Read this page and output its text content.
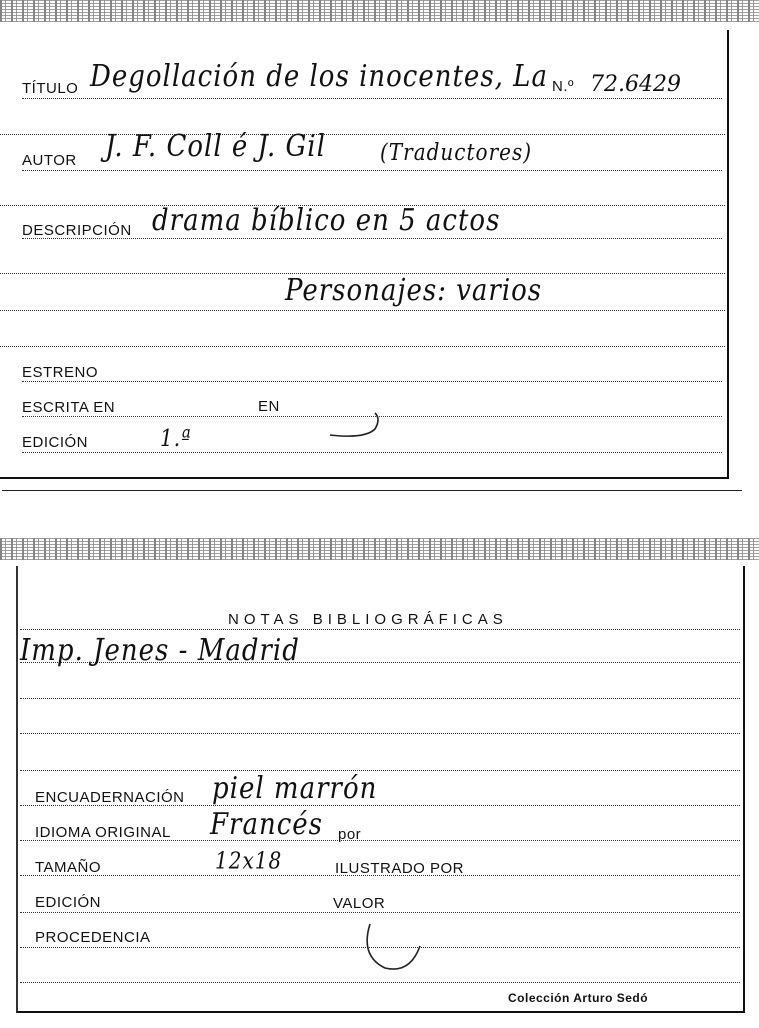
TÍTULO Degollación de los inocentes, La N.º 72.6429
AUTOR J. F. Coll é J. Gil	(Traductores)
DESCRIPCIÓN drama bíblico en 5 actos
Personajes: varios
ESTRENO
ESCRITA EN	EN
EDICIÓN	1.ª
NOTAS BIBLIOGRÁFICAS
Imp. Jenes - Madrid
ENCUADERNACIÓN piel marrón
IDIOMA ORIGINAL Francés por
TAMAÑO	12x18	ILUSTRADO POR
EDICIÓN	VALOR
PROCEDENCIA
Colección Arturo Sedó
